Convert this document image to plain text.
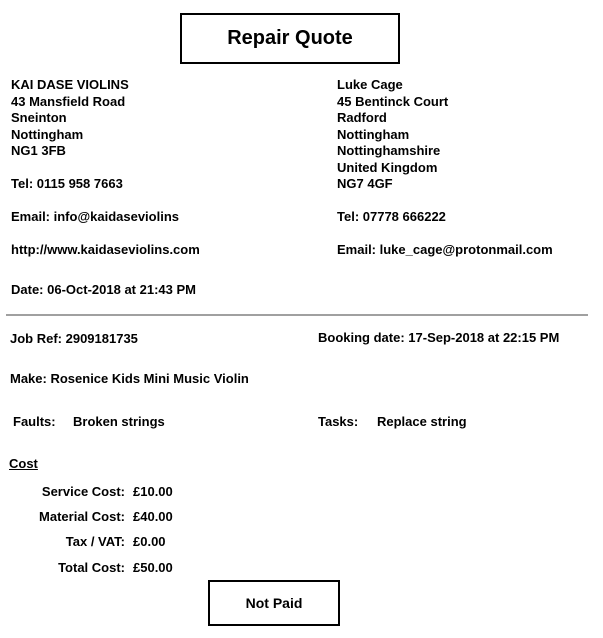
Repair Quote
KAI DASE VIOLINS
43 Mansfield Road
Sneinton
Nottingham
NG1 3FB
Tel: 0115 958 7663
Email: info@kaidaseviolins
http://www.kaidaseviolins.com
Date: 06-Oct-2018 at 21:43 PM
Luke Cage
45 Bentinck Court
Radford
Nottingham
Nottinghamshire
United Kingdom
NG7 4GF
Tel: 07778 666222
Email: luke_cage@protonmail.com
Job Ref: 2909181735	Booking date: 17-Sep-2018 at 22:15 PM
Make: Rosenice Kids Mini Music Violin
Faults: Broken strings	Tasks: Replace string
Cost
Service Cost: £10.00
Material Cost: £40.00
Tax / VAT: £0.00
Total Cost: £50.00
Not Paid
